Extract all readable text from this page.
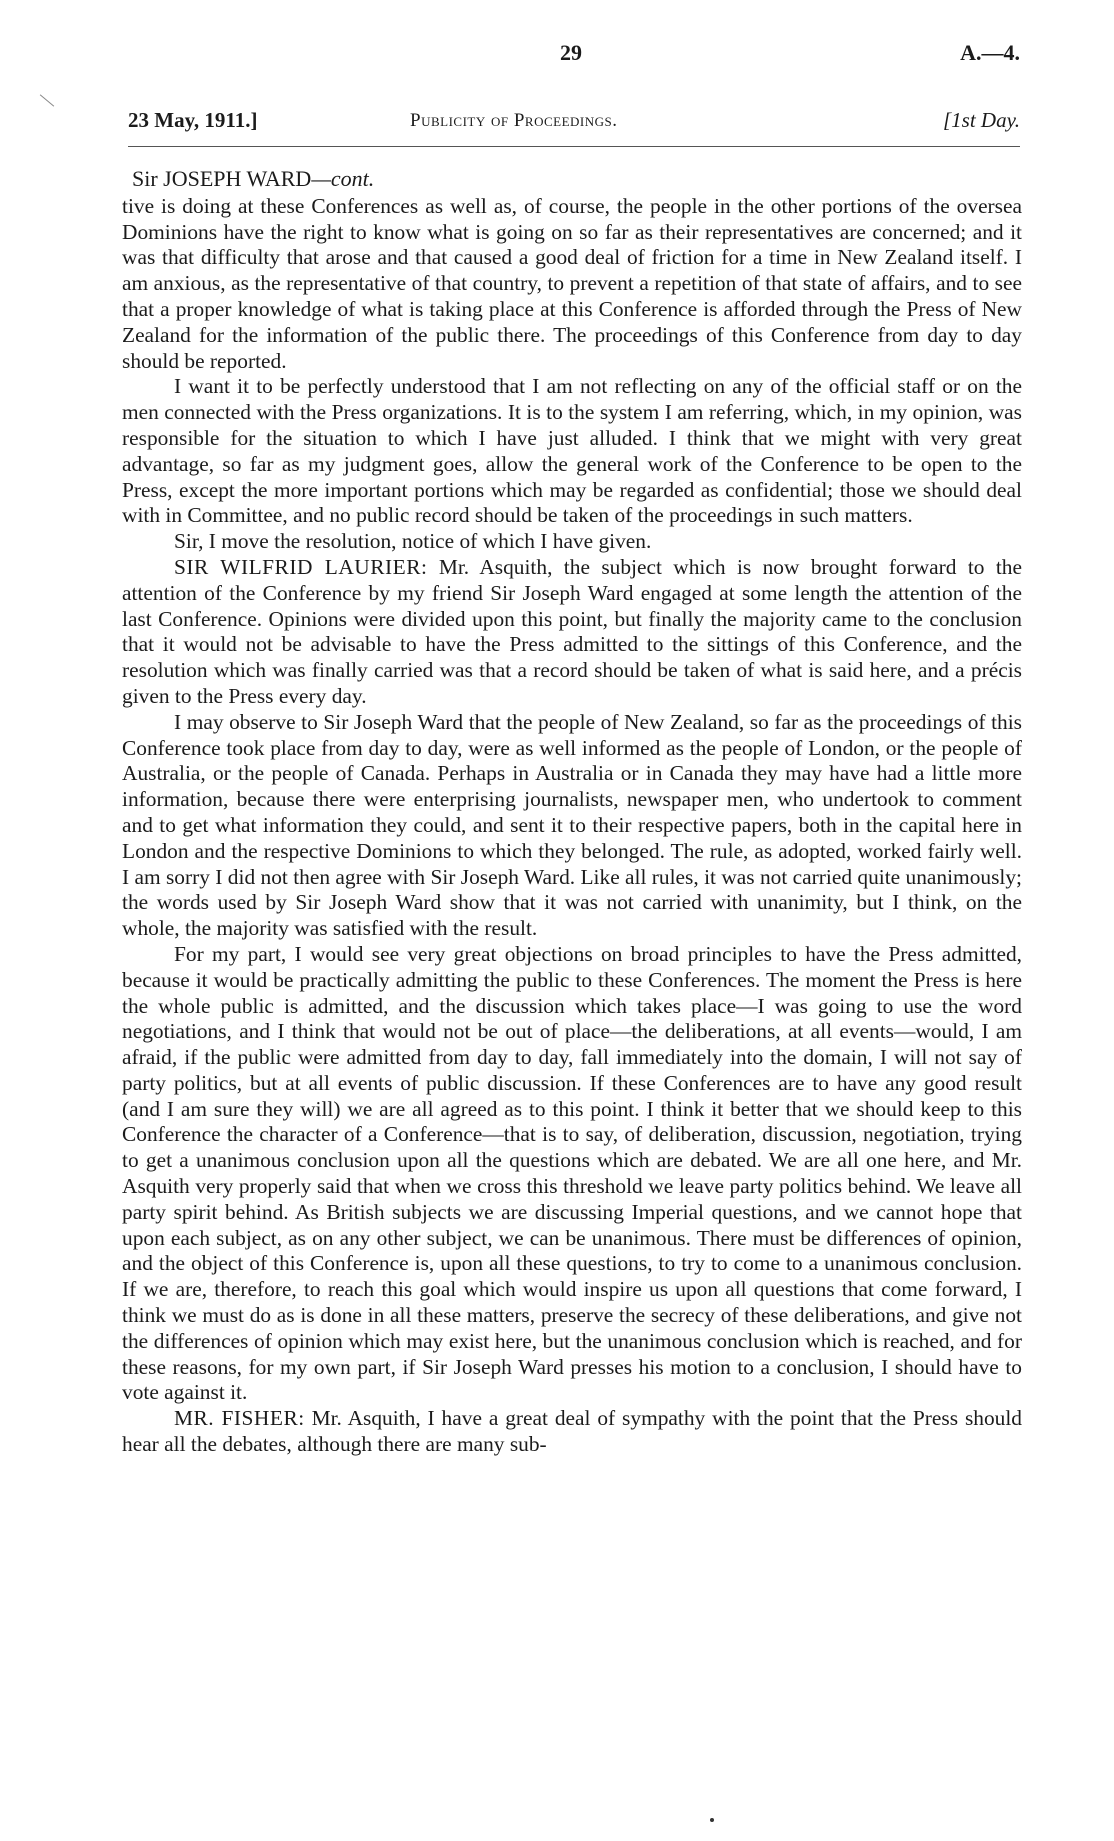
29	A.—4.
23 May, 1911.]	Publicity of Proceedings.	[1st Day.

Sir JOSEPH WARD—cont.

tive is doing at these Conferences as well as, of course, the people in the other portions of the oversea Dominions have the right to know what is going on so far as their representatives are concerned; and it was that difficulty that arose and that caused a good deal of friction for a time in New Zealand itself. I am anxious, as the representative of that country, to prevent a repetition of that state of affairs, and to see that a proper knowledge of what is taking place at this Conference is afforded through the Press of New Zealand for the information of the public there. The proceedings of this Conference from day to day should be reported.

I want it to be perfectly understood that I am not reflecting on any of the official staff or on the men connected with the Press organizations. It is to the system I am referring, which, in my opinion, was responsible for the situation to which I have just alluded. I think that we might with very great advantage, so far as my judgment goes, allow the general work of the Conference to be open to the Press, except the more important portions which may be regarded as confidential; those we should deal with in Committee, and no public record should be taken of the proceedings in such matters.

Sir, I move the resolution, notice of which I have given.

SIR WILFRID LAURIER: Mr. Asquith, the subject which is now brought forward to the attention of the Conference by my friend Sir Joseph Ward engaged at some length the attention of the last Conference. Opinions were divided upon this point, but finally the majority came to the conclusion that it would not be advisable to have the Press admitted to the sittings of this Conference, and the resolution which was finally carried was that a record should be taken of what is said here, and a précis given to the Press every day.

I may observe to Sir Joseph Ward that the people of New Zealand, so far as the proceedings of this Conference took place from day to day, were as well informed as the people of London, or the people of Australia, or the people of Canada. Perhaps in Australia or in Canada they may have had a little more information, because there were enterprising journalists, newspaper men, who undertook to comment and to get what information they could, and sent it to their respective papers, both in the capital here in London and the respective Dominions to which they belonged. The rule, as adopted, worked fairly well. I am sorry I did not then agree with Sir Joseph Ward. Like all rules, it was not carried quite unanimously; the words used by Sir Joseph Ward show that it was not carried with unanimity, but I think, on the whole, the majority was satisfied with the result.

For my part, I would see very great objections on broad principles to have the Press admitted, because it would be practically admitting the public to these Conferences. The moment the Press is here the whole public is admitted, and the discussion which takes place—I was going to use the word negotiations, and I think that would not be out of place—the deliberations, at all events—would, I am afraid, if the public were admitted from day to day, fall immediately into the domain, I will not say of party politics, but at all events of public discussion. If these Conferences are to have any good result (and I am sure they will) we are all agreed as to this point. I think it better that we should keep to this Conference the character of a Conference—that is to say, of deliberation, discussion, negotiation, trying to get a unanimous conclusion upon all the questions which are debated. We are all one here, and Mr. Asquith very properly said that when we cross this threshold we leave party politics behind. We leave all party spirit behind. As British subjects we are discussing Imperial questions, and we cannot hope that upon each subject, as on any other subject, we can be unanimous. There must be differences of opinion, and the object of this Conference is, upon all these questions, to try to come to a unanimous conclusion. If we are, therefore, to reach this goal which would inspire us upon all questions that come forward, I think we must do as is done in all these matters, preserve the secrecy of these deliberations, and give not the differences of opinion which may exist here, but the unanimous conclusion which is reached, and for these reasons, for my own part, if Sir Joseph Ward presses his motion to a conclusion, I should have to vote against it.

MR. FISHER: Mr. Asquith, I have a great deal of sympathy with the point that the Press should hear all the debates, although there are many sub-
